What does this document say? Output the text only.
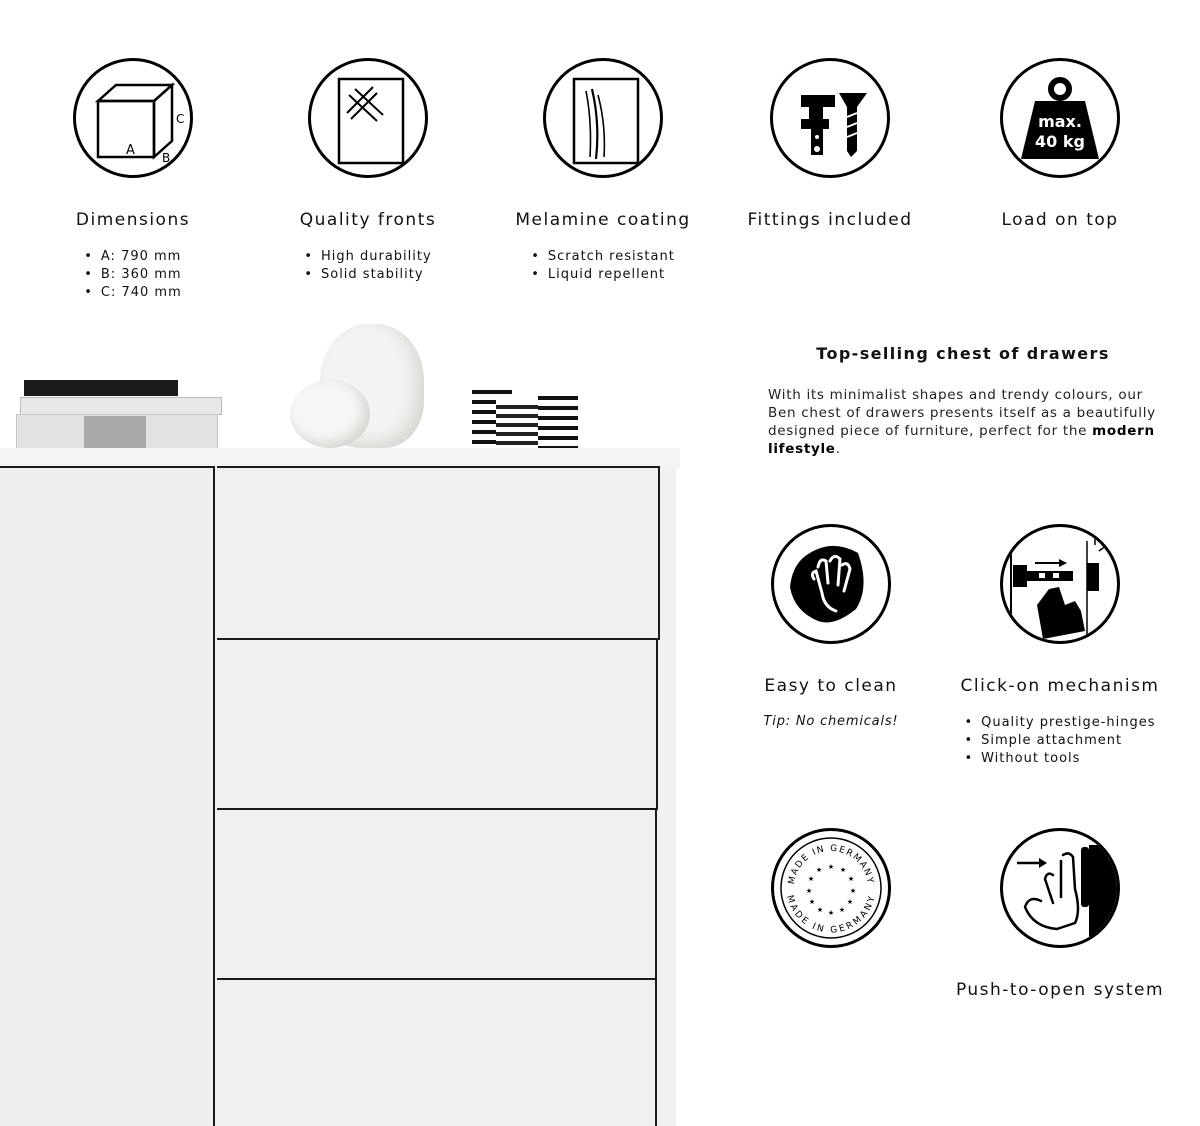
A B
C
Dimensions
• A: 790 mm
• B: 360 mm
• C: 740 mm
Quality fronts
• High durability
• Solid stability
Melamine coating
• Scratch resistant
• Liquid repellent
Fittings included
max.
40 kg
Load on top
Top-selling chest of drawers
With its minimalist shapes and trendy colours, our Ben chest of drawers presents itself as a beautifully designed piece of furniture, perfect for the modern lifestyle.
Easy to clean
Tip: No chemicals!
Click-on mechanism
• Quality prestige-hinges
• Simple attachment
• Without tools
MADE IN GERMANY
MADE IN GERMANY
★ ★
★
★
★
★
★
★
★
★
★
★
Push-to-open system
